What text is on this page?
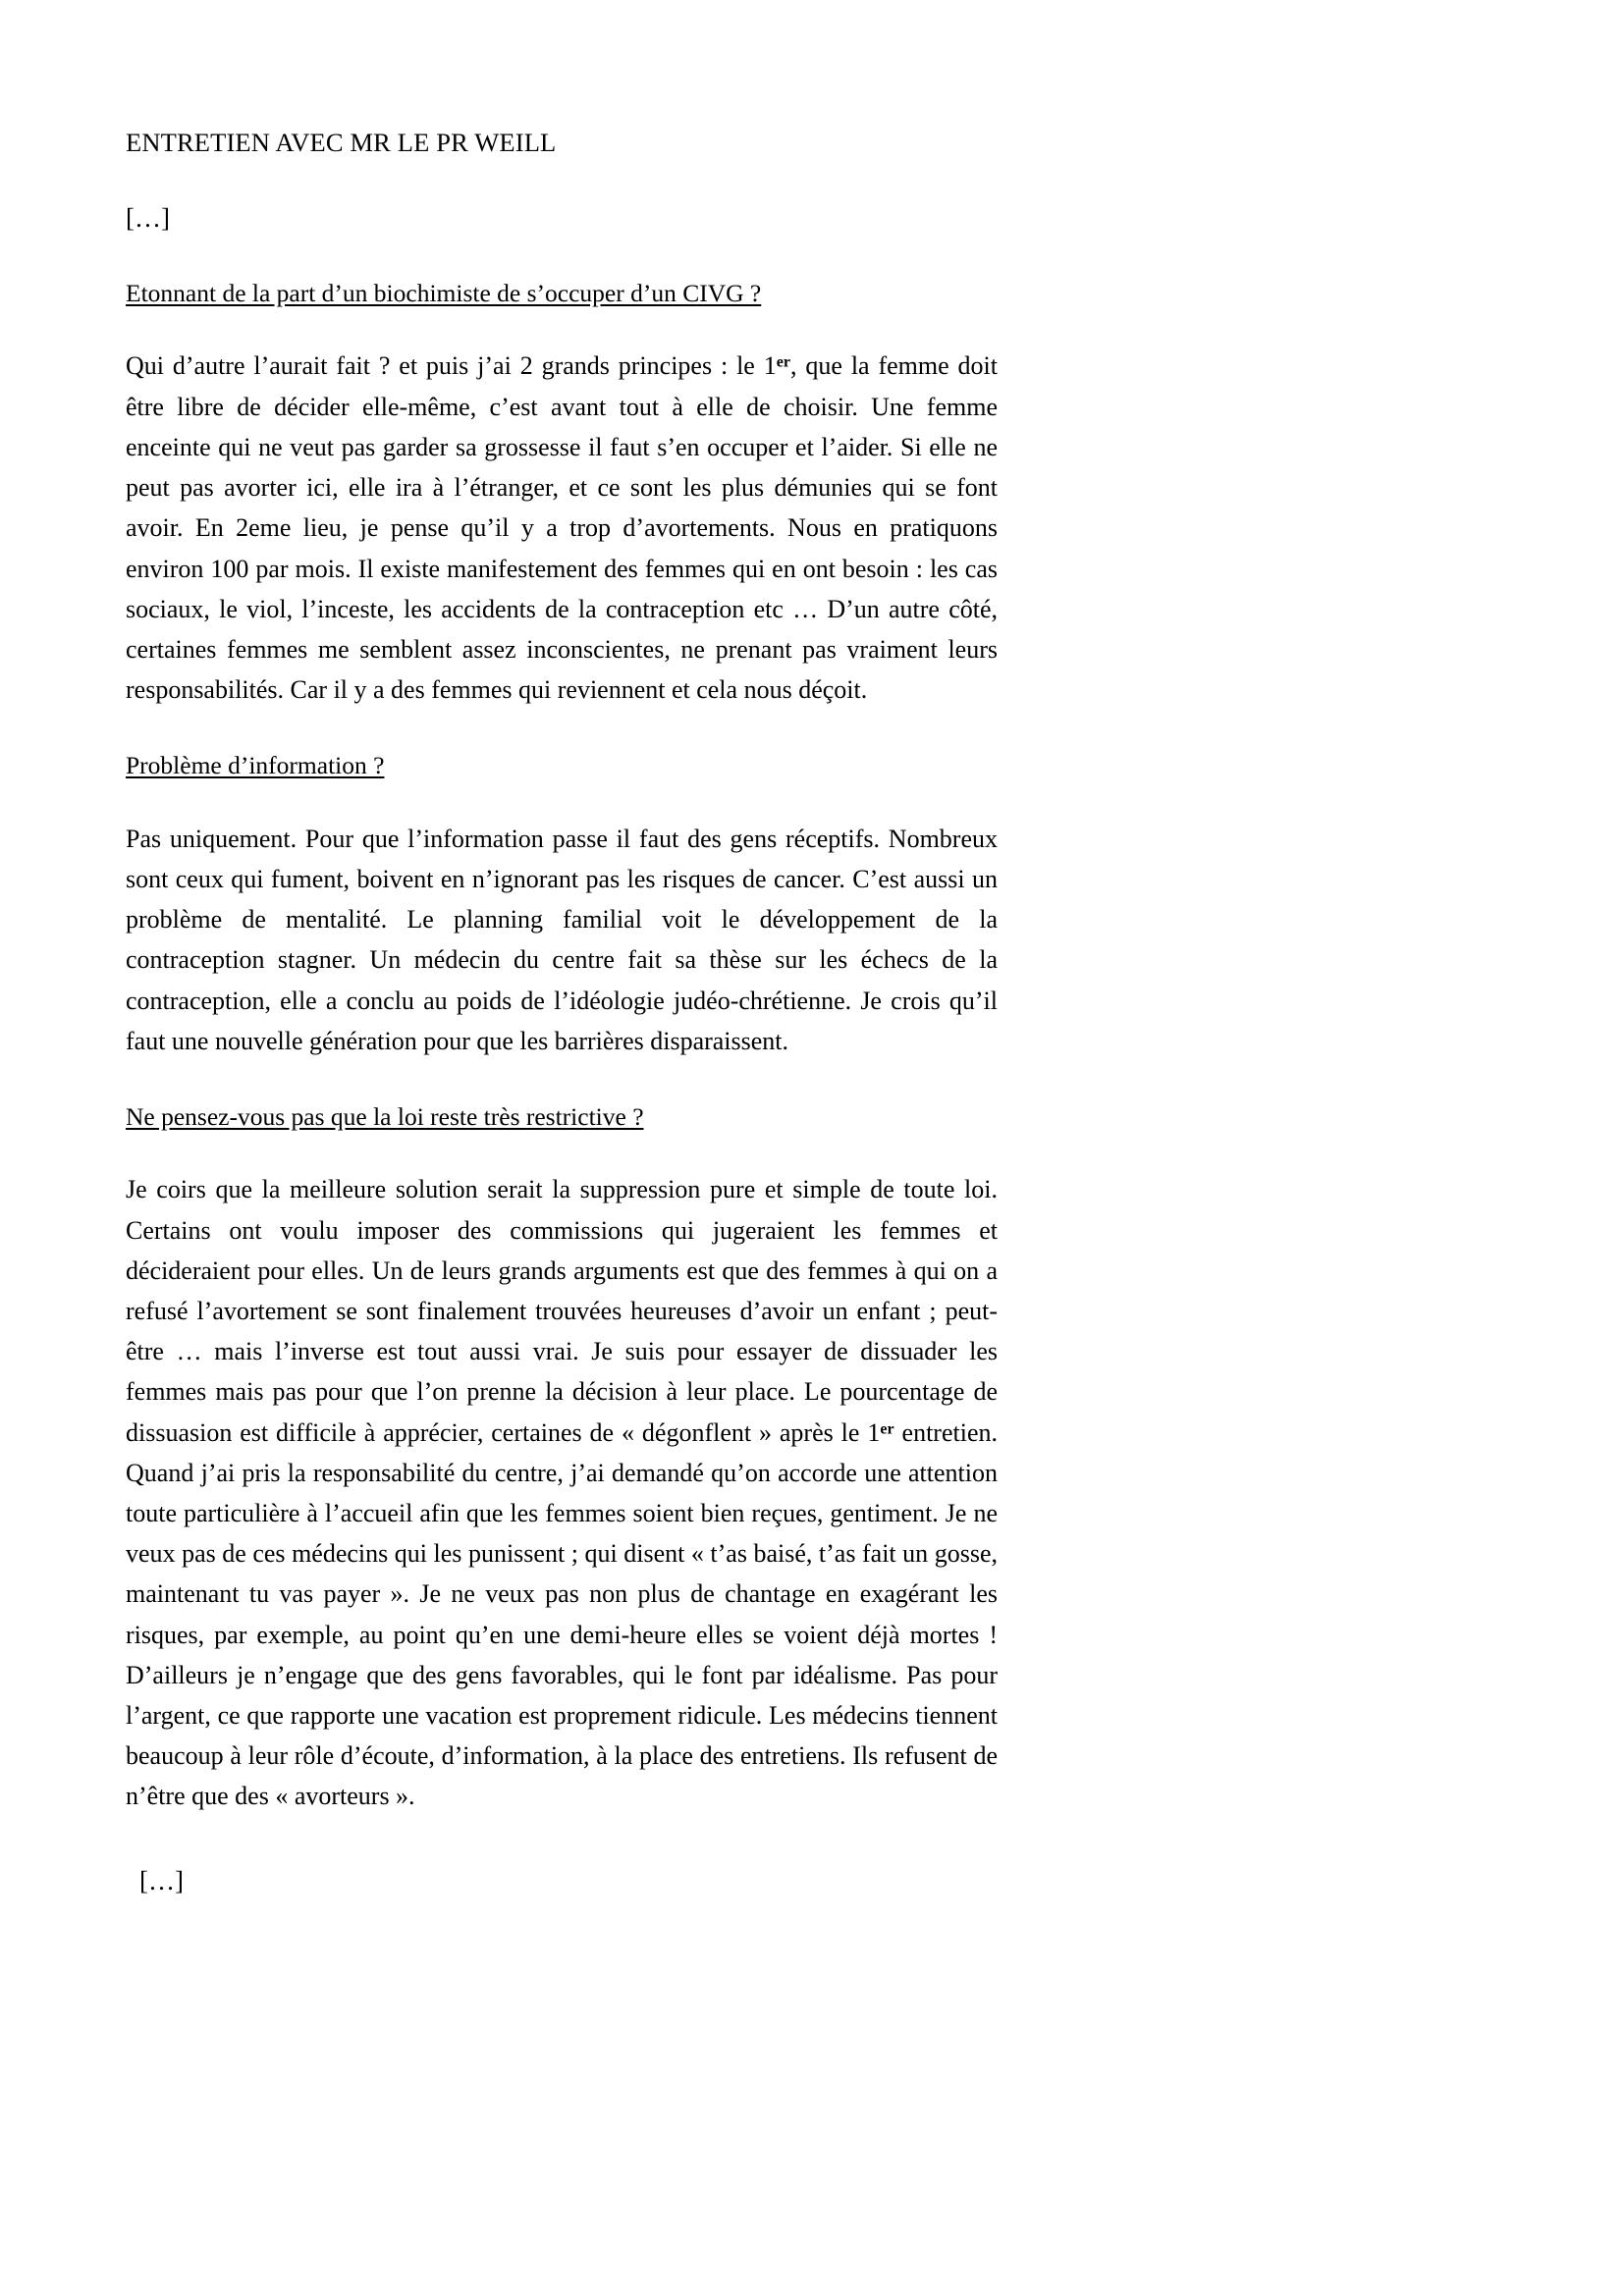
ENTRETIEN AVEC MR LE PR WEILL

[…]

Etonnant de la part d’un biochimiste de s’occuper d’un CIVG ?

Qui d’autre l’aurait fait ? et puis j’ai 2 grands principes : le 1er, que la femme doit être libre de décider elle-même, c’est avant tout à elle de choisir. Une femme enceinte qui ne veut pas garder sa grossesse il faut s’en occuper et l’aider. Si elle ne peut pas avorter ici, elle ira à l’étranger, et ce sont les plus démunies qui se font avoir. En 2eme lieu, je pense qu’il y a trop d’avortements. Nous en pratiquons environ 100 par mois. Il existe manifestement des femmes qui en ont besoin : les cas sociaux, le viol, l’inceste, les accidents de la contraception etc … D’un autre côté, certaines femmes me semblent assez inconscientes, ne prenant pas vraiment leurs responsabilités. Car il y a des femmes qui reviennent et cela nous déçoit.

Problème d’information ?

Pas uniquement. Pour que l’information passe il faut des gens réceptifs. Nombreux sont ceux qui fument, boivent en n’ignorant pas les risques de cancer. C’est aussi un problème de mentalité. Le planning familial voit le développement de la contraception stagner. Un médecin du centre fait sa thèse sur les échecs de la contraception, elle a conclu au poids de l’idéologie judéo-chrétienne. Je crois qu’il faut une nouvelle génération pour que les barrières disparaissent.

Ne pensez-vous pas que la loi reste très restrictive ?

Je coirs que la meilleure solution serait la suppression pure et simple de toute loi. Certains ont voulu imposer des commissions qui jugeraient les femmes et décideraient pour elles. Un de leurs grands arguments est que des femmes à qui on a refusé l’avortement se sont finalement trouvées heureuses d’avoir un enfant ; peut-être … mais l’inverse est tout aussi vrai. Je suis pour essayer de dissuader les femmes mais pas pour que l’on prenne la décision à leur place. Le pourcentage de dissuasion est difficile à apprécier, certaines de « dégonflent » après le 1er entretien. Quand j’ai pris la responsabilité du centre, j’ai demandé qu’on accorde une attention toute particulière à l’accueil afin que les femmes soient bien reçues, gentiment. Je ne veux pas de ces médecins qui les punissent ; qui disent « t’as baisé, t’as fait un gosse, maintenant tu vas payer ». Je ne veux pas non plus de chantage en exagérant les risques, par exemple, au point qu’en une demi-heure elles se voient déjà mortes ! D’ailleurs je n’engage que des gens favorables, qui le font par idéalisme. Pas pour l’argent, ce que rapporte une vacation est proprement ridicule. Les médecins tiennent beaucoup à leur rôle d’écoute, d’information, à la place des entretiens. Ils refusent de n’être que des « avorteurs ».

[…]
